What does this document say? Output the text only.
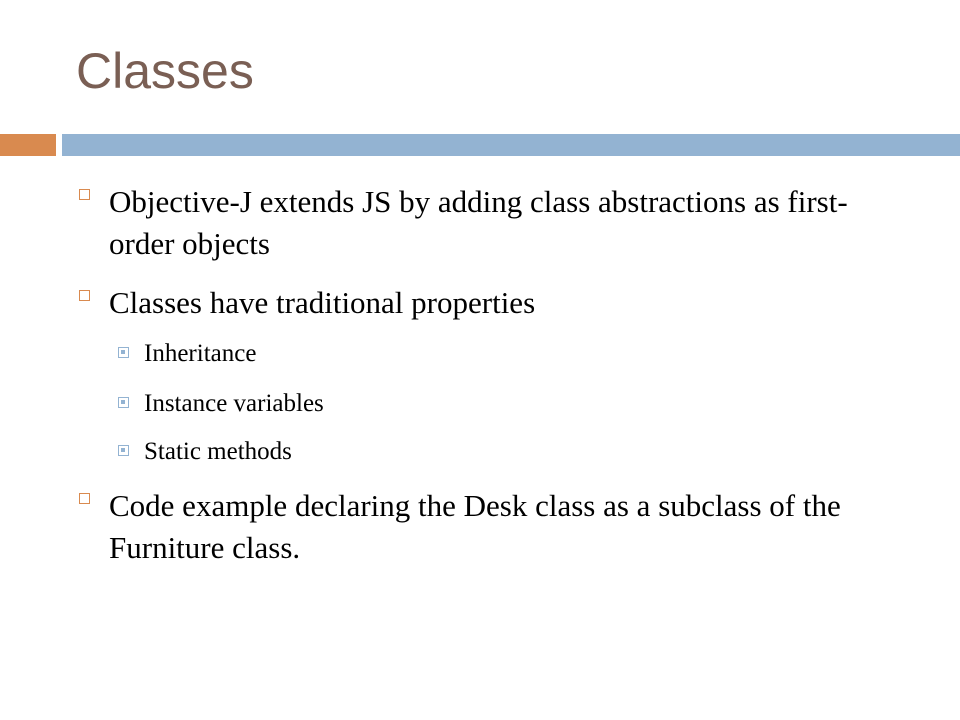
Classes
Objective-J extends JS by adding class abstractions as first-order objects
Classes have traditional properties
Inheritance
Instance variables
Static methods
Code example declaring the Desk class as a subclass of the Furniture class.
